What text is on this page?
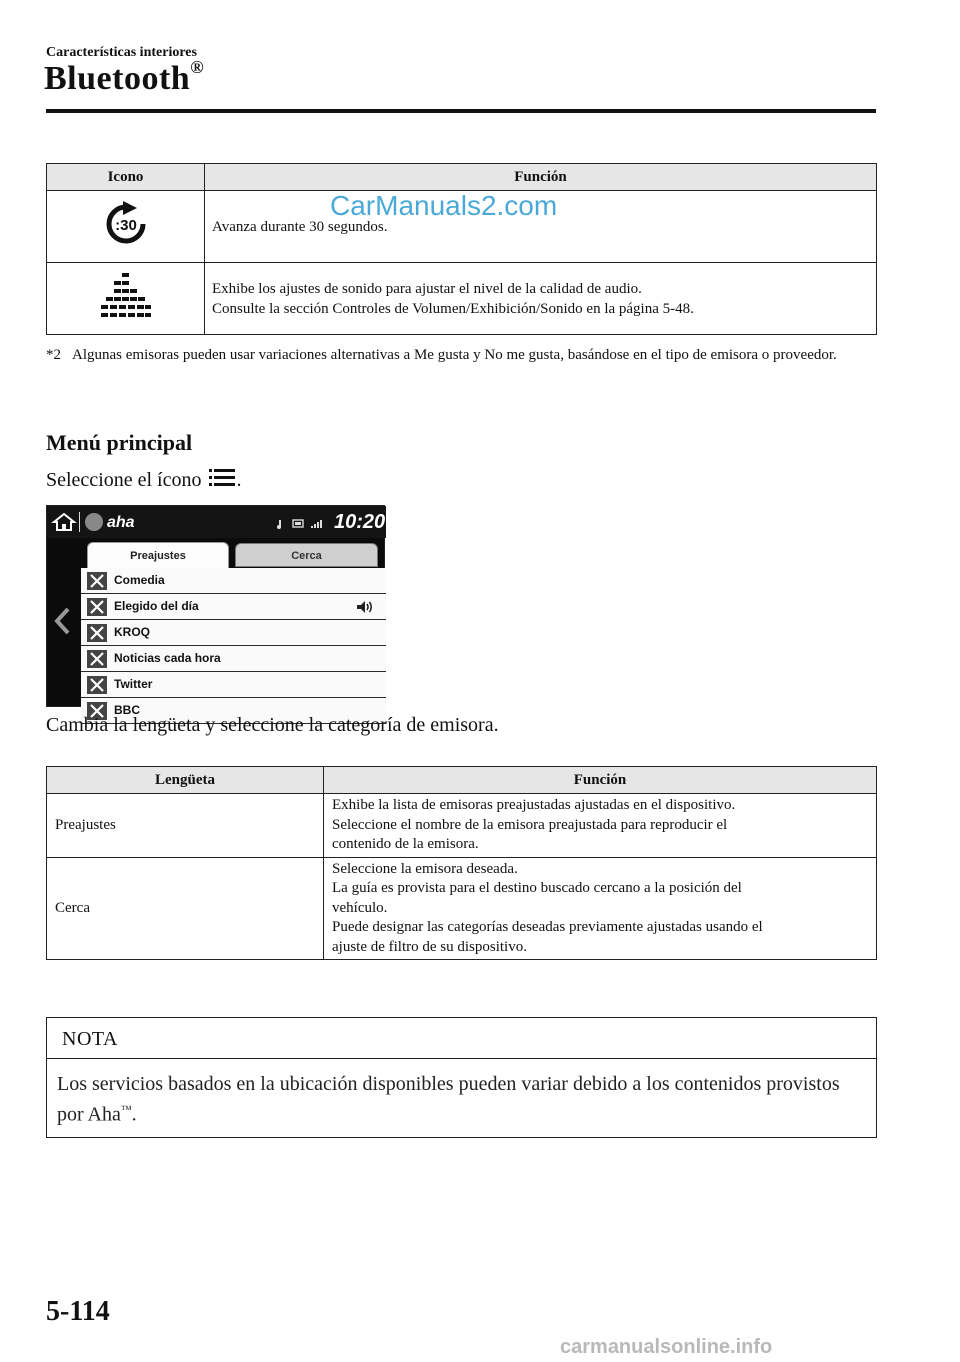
Características interiores
Bluetooth®
Icono	Función

:30	Avanza durante 30 segundos.

Exhibe los ajustes de sonido para ajustar el nivel de la calidad de audio.
Consulte la sección Controles de Volumen/Exhibición/Sonido en la página 5-48.
*2 Algunas emisoras pueden usar variaciones alternativas a Me gusta y No me gusta, basándose en el tipo de emisora o proveedor.
Menú principal
Seleccione el ícono .
aha	10:20
Preajustes	Cerca
Comedia
Elegido del día
KROQ
Noticias cada hora
Twitter
BBC
Cambia la lengüeta y seleccione la categoría de emisora.
Lengüeta	Función
Preajustes	Exhibe la lista de emisoras preajustadas ajustadas en el dispositivo.
Seleccione el nombre de la emisora preajustada para reproducir el
contenido de la emisora.

Cerca	Seleccione la emisora deseada.
La guía es provista para el destino buscado cercano a la posición del
vehículo.
Puede designar las categorías deseadas previamente ajustadas usando el
ajuste de filtro de su dispositivo.
NOTA
Los servicios basados en la ubicación disponibles pueden variar debido a los contenidos provistos por Aha™.
5-114
CarManuals2.com
carmanualsonline.info
